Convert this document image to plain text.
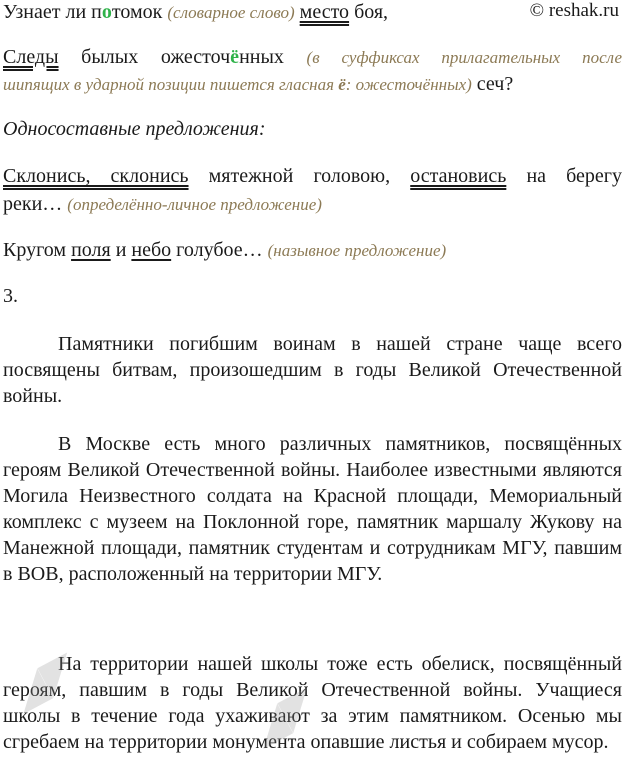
© reshak.ru
Узнает ли потомок (словарное слово) место боя,
Следы былых ожесточённых (в суффиксах прилагательных после
шипящих в ударной позиции пишется гласная ё: ожесточённых) сеч?
Односоставные предложения:
Склонись, склонись мятежной головою, остановись на берегу
реки… (определённо-личное предложение)
Кругом поля и небо голубое… (назывное предложение)
3.

Памятники погибшим воинам в нашей стране чаще всего посвящены битвам, произошедшим в годы Великой Отечественной войны.

В Москве есть много различных памятников, посвящённых героям Великой Отечественной войны. Наиболее известными являются Могила Неизвестного солдата на Красной площади, Мемориальный комплекс с музеем на Поклонной горе, памятник маршалу Жукову на Манежной площади, памятник студентам и сотрудникам МГУ, павшим в ВОВ, расположенный на территории МГУ.

На территории нашей школы тоже есть обелиск, посвящённый героям, павшим в годы Великой Отечественной войны. Учащиеся школы в течение года ухаживают за этим памятником. Осенью мы сгребаем на территории монумента опавшие листья и собираем мусор.

◢◤	◢◤
